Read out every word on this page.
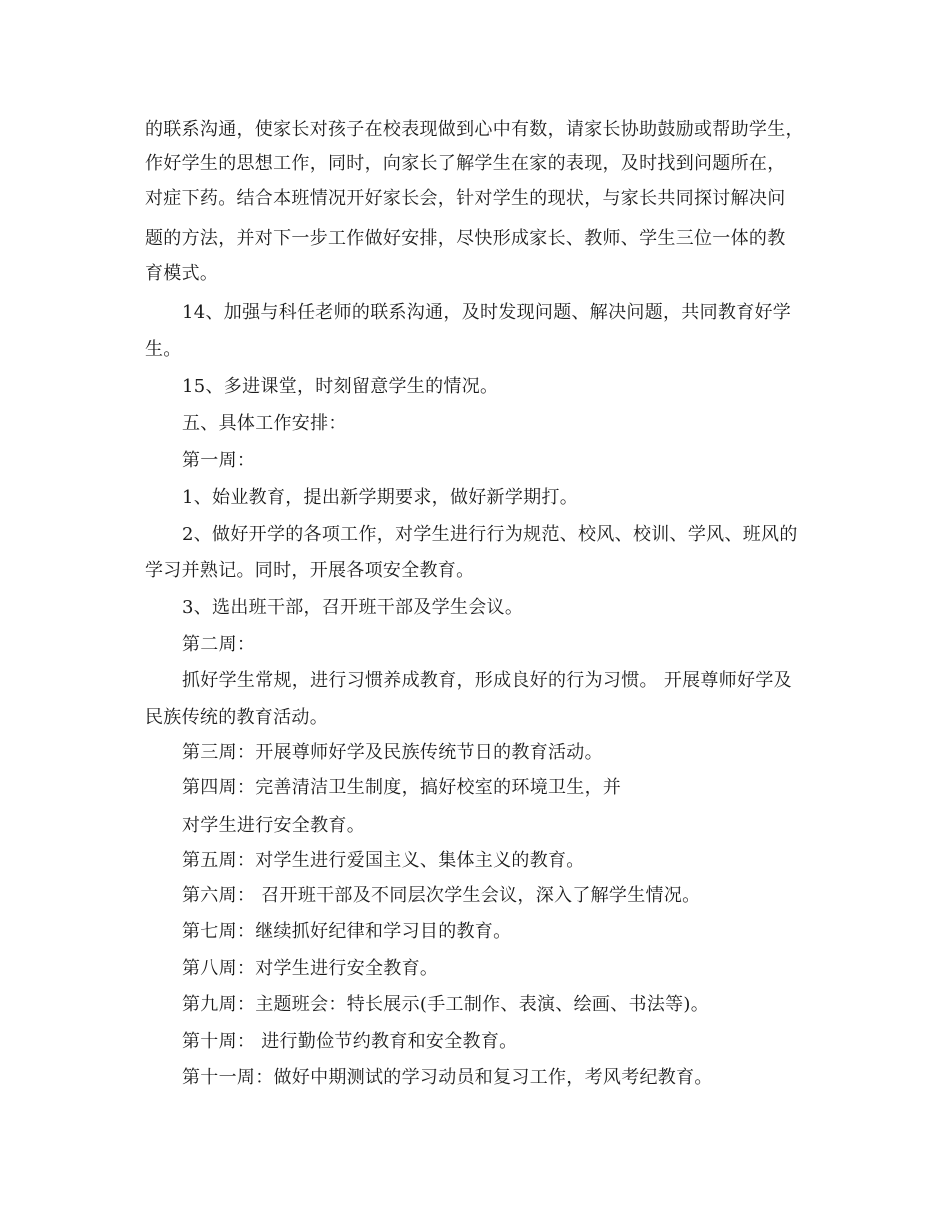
的联系沟通，使家长对孩子在校表现做到心中有数，请家长协助鼓励或帮助学生，
作好学生的思想工作，同时，向家长了解学生在家的表现，及时找到问题所在，
对症下药。结合本班情况开好家长会，针对学生的现状，与家长共同探讨解决问
题的方法，并对下一步工作做好安排，尽快形成家长、教师、学生三位一体的教
育模式。
14、加强与科任老师的联系沟通，及时发现问题、解决问题，共同教育好学
生。
15、多进课堂，时刻留意学生的情况。
五、具体工作安排：
第一周：
1、始业教育，提出新学期要求，做好新学期打。
2、做好开学的各项工作，对学生进行行为规范、校风、校训、学风、班风的
学习并熟记。同时，开展各项安全教育。
3、选出班干部，召开班干部及学生会议。
第二周：
抓好学生常规，进行习惯养成教育，形成良好的行为习惯。 开展尊师好学及
民族传统的教育活动。
第三周：开展尊师好学及民族传统节日的教育活动。
第四周：完善清洁卫生制度，搞好校室的环境卫生，并
对学生进行安全教育。
第五周：对学生进行爱国主义、集体主义的教育。
第六周： 召开班干部及不同层次学生会议，深入了解学生情况。
第七周：继续抓好纪律和学习目的教育。
第八周：对学生进行安全教育。
第九周：主题班会：特长展示(手工制作、表演、绘画、书法等)。
第十周： 进行勤俭节约教育和安全教育。
第十一周：做好中期测试的学习动员和复习工作，考风考纪教育。
